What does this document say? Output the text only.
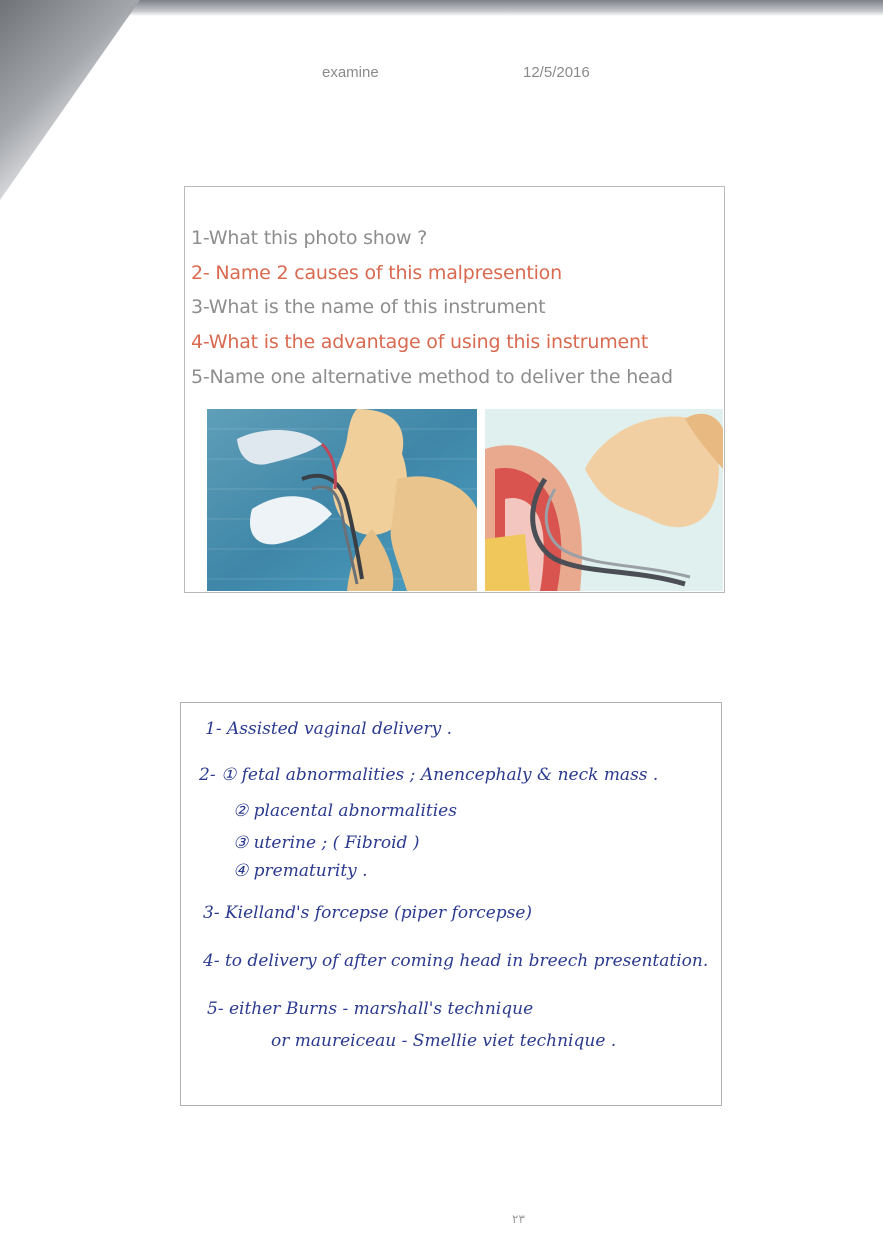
examine	12/5/2016
1-What this photo show ?
2- Name 2 causes of this malpresention
3-What is the name of this instrument
4-What is the advantage of using this instrument
5-Name one alternative method to deliver the head
1- Assisted vaginal delivery .
2- ① fetal abnormalities ; Anencephaly & neck mass .
② placental abnormalities
③ uterine ; ( Fibroid )
④ prematurity .
3- Kielland's forcepse (piper forcepse)
4- to delivery of after coming head in breech presentation.
5- either Burns - marshall's technique
or maureiceau - Smellie viet technique .
٢٣
